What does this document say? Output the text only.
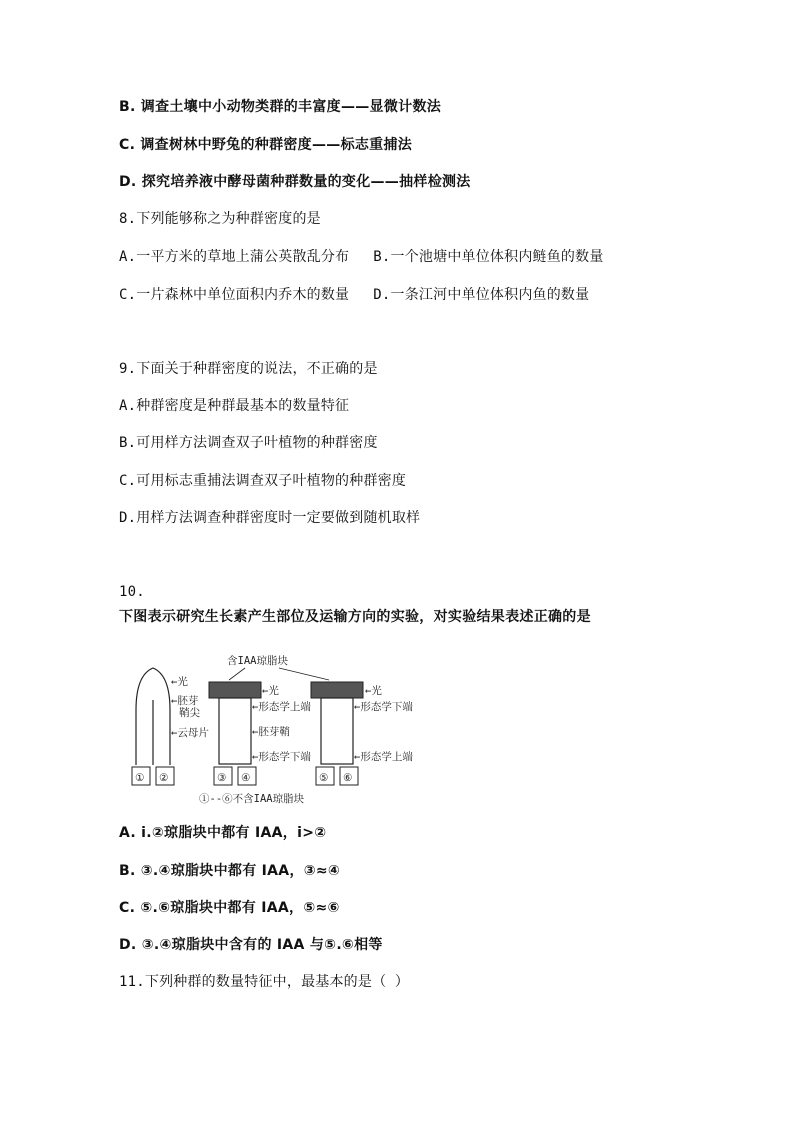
B. 调查土壤中小动物类群的丰富度——显微计数法
C. 调查树林中野兔的种群密度——标志重捕法
D. 探究培养液中酵母菌种群数量的变化——抽样检测法
8.下列能够称之为种群密度的是
A.一平方米的草地上蒲公英散乱分布 B.一个池塘中单位体积内鲢鱼的数量
C.一片森林中单位面积内乔木的数量 D.一条江河中单位体积内鱼的数量
9.下面关于种群密度的说法，不正确的是
A.种群密度是种群最基本的数量特征
B.可用样方法调查双子叶植物的种群密度
C.可用标志重捕法调查双子叶植物的种群密度
D.用样方法调查种群密度时一定要做到随机取样
10.
下图表示研究生长素产生部位及运输方向的实验，对实验结果表述正确的是
←光
←胚芽
鞘尖
←云母片
① ②
含IAA琼脂块
←光
←形态学上端
←胚芽鞘
←形态学下端
③ ④
←光
←形态学下端
←形态学上端
⑤ ⑥
①--⑥不含IAA琼脂块
A. ⅰ.②琼脂块中都有 IAA，ⅰ>②
B. ③.④琼脂块中都有 IAA，③≈④
C. ⑤.⑥琼脂块中都有 IAA，⑤≈⑥
D. ③.④琼脂块中含有的 IAA 与⑤.⑥相等
11.下列种群的数量特征中，最基本的是（ ）
